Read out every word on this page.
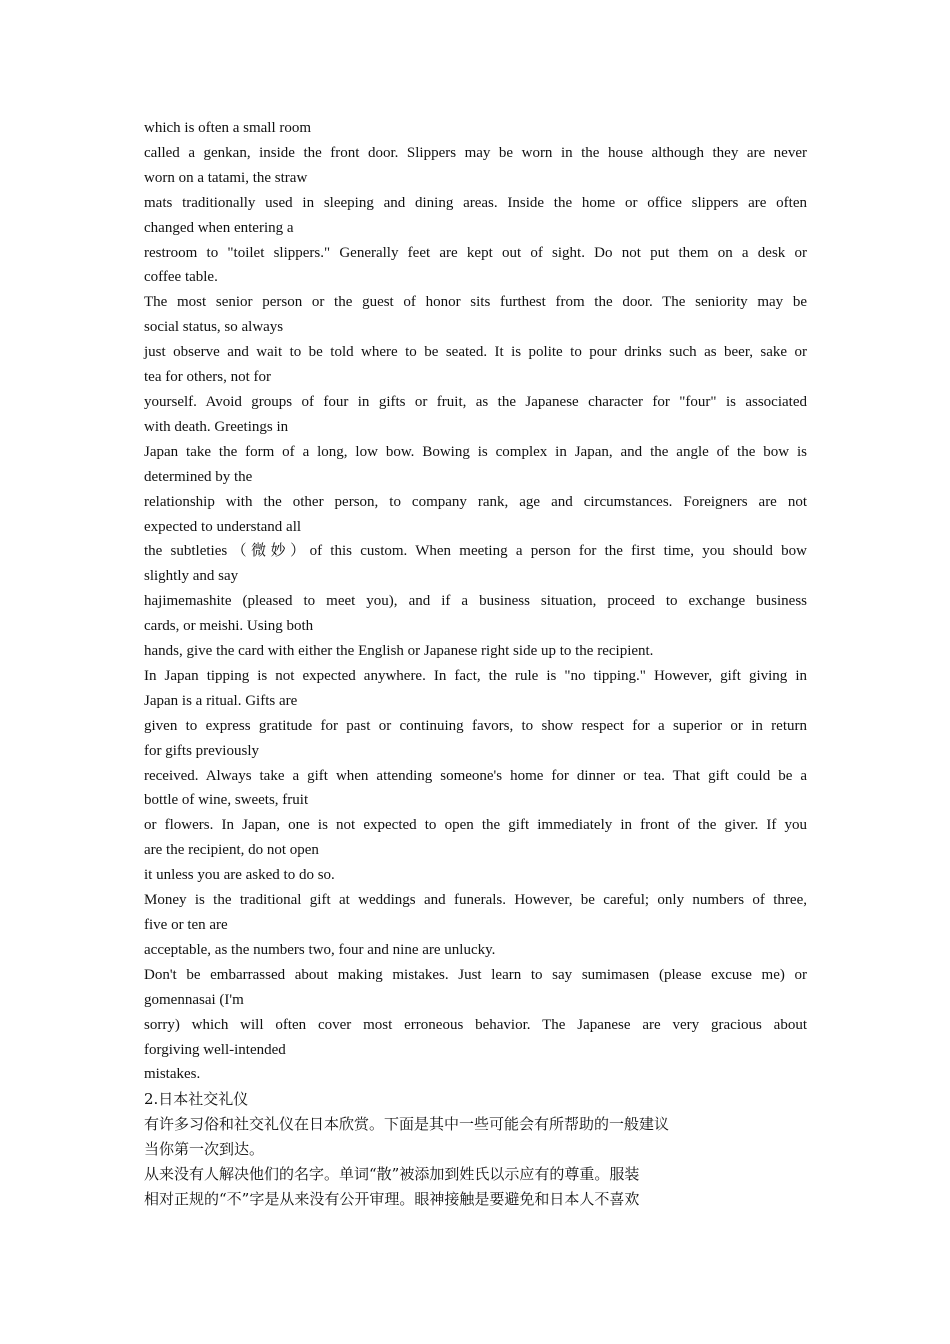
which is often a small room
called a genkan, inside the front door. Slippers may be worn in the house although they are never
worn on a tatami, the straw
mats traditionally used in sleeping and dining areas. Inside the home or office slippers are often
changed when entering a
restroom to "toilet slippers." Generally feet are kept out of sight. Do not put them on a desk or
coffee table.
The most senior person or the guest of honor sits furthest from the door. The seniority may be
social status, so always
just observe and wait to be told where to be seated. It is polite to pour drinks such as beer, sake or
tea for others, not for
yourself. Avoid groups of four in gifts or fruit, as the Japanese character for "four" is associated
with death. Greetings in
Japan take the form of a long, low bow. Bowing is complex in Japan, and the angle of the bow is
determined by the
relationship with the other person, to company rank, age and circumstances. Foreigners are not
expected to understand all
the subtleties（微妙）of this custom. When meeting a person for the first time, you should bow
slightly and say
hajimemashite (pleased to meet you), and if a business situation, proceed to exchange business
cards, or meishi. Using both
hands, give the card with either the English or Japanese right side up to the recipient.
In Japan tipping is not expected anywhere. In fact, the rule is "no tipping." However, gift giving in
Japan is a ritual. Gifts are
given to express gratitude for past or continuing favors, to show respect for a superior or in return
for gifts previously
received. Always take a gift when attending someone's home for dinner or tea. That gift could be a
bottle of wine, sweets, fruit
or flowers. In Japan, one is not expected to open the gift immediately in front of the giver. If you
are the recipient, do not open
it unless you are asked to do so.
Money is the traditional gift at weddings and funerals. However, be careful; only numbers of three,
five or ten are
acceptable, as the numbers two, four and nine are unlucky.
Don't be embarrassed about making mistakes. Just learn to say sumimasen (please excuse me) or
gomennasai (I'm
sorry) which will often cover most erroneous behavior. The Japanese are very gracious about
forgiving well-intended
mistakes.
2.日本社交礼仪
有许多习俗和社交礼仪在日本欣赏。下面是其中一些可能会有所帮助的一般建议
当你第一次到达。
从来没有人解决他们的名字。单词“散”被添加到姓氏以示应有的尊重。服装
相对正规的“不”字是从来没有公开审理。眼神接触是要避免和日本人不喜欢
